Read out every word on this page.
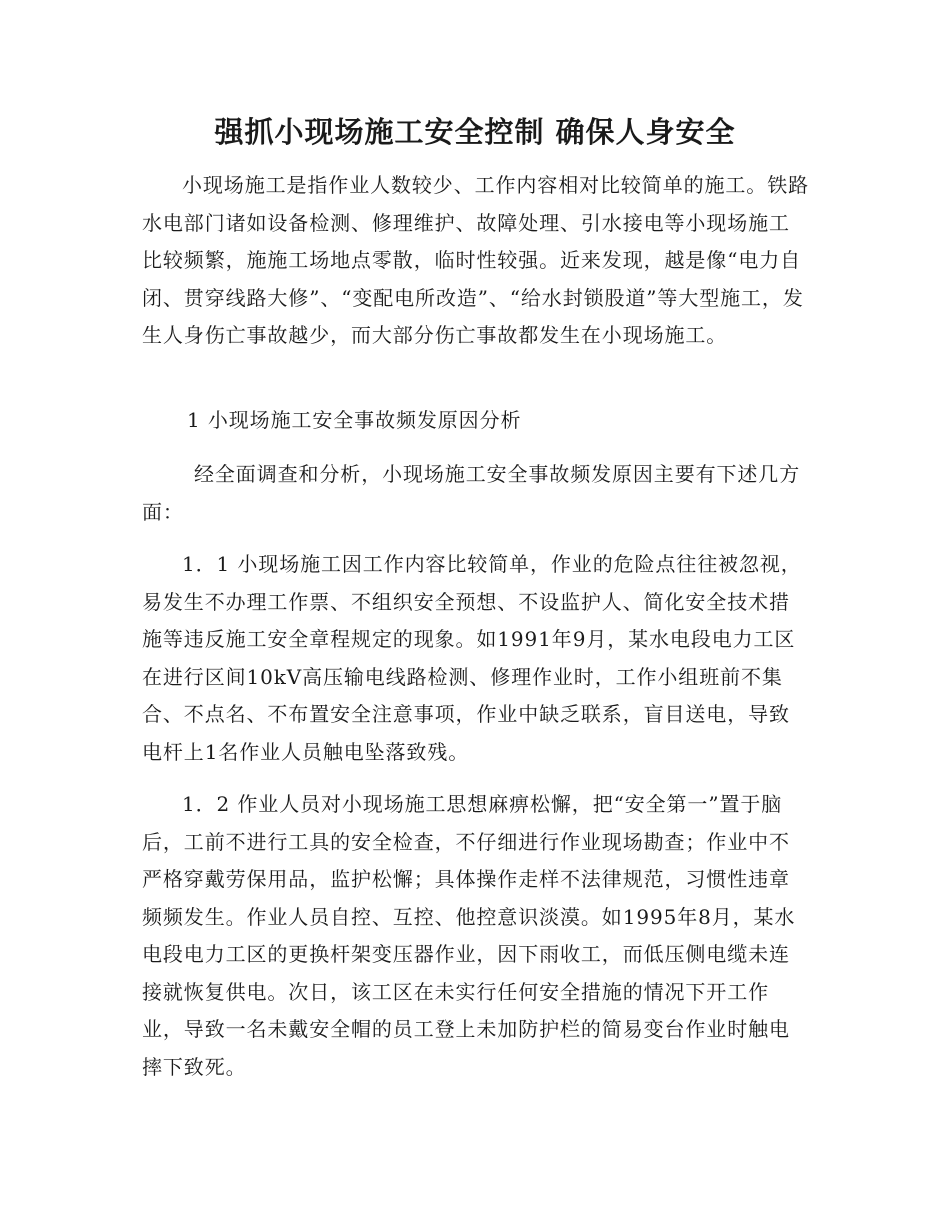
强抓小现场施工安全控制 确保人身安全

小现场施工是指作业人数较少、工作内容相对比较简单的施工。铁路水电部门诸如设备检测、修理维护、故障处理、引水接电等小现场施工比较频繁，施施工场地点零散，临时性较强。近来发现，越是像“电力自闭、贯穿线路大修”、“变配电所改造”、“给水封锁股道”等大型施工，发生人身伤亡事故越少，而大部分伤亡事故都发生在小现场施工。

1 小现场施工安全事故频发原因分析

经全面调查和分析，小现场施工安全事故频发原因主要有下述几方面：

1．1 小现场施工因工作内容比较简单，作业的危险点往往被忽视，易发生不办理工作票、不组织安全预想、不设监护人、简化安全技术措施等违反施工安全章程规定的现象。如1991年9月，某水电段电力工区在进行区间10kV高压输电线路检测、修理作业时，工作小组班前不集合、不点名、不布置安全注意事项，作业中缺乏联系，盲目送电，导致电杆上1名作业人员触电坠落致残。

1．2 作业人员对小现场施工思想麻痹松懈，把“安全第一”置于脑后，工前不进行工具的安全检查，不仔细进行作业现场勘查；作业中不严格穿戴劳保用品，监护松懈；具体操作走样不法律规范，习惯性违章频频发生。作业人员自控、互控、他控意识淡漠。如1995年8月，某水电段电力工区的更换杆架变压器作业，因下雨收工，而低压侧电缆未连接就恢复供电。次日，该工区在未实行任何安全措施的情况下开工作业，导致一名未戴安全帽的员工登上未加防护栏的简易变台作业时触电摔下致死。
